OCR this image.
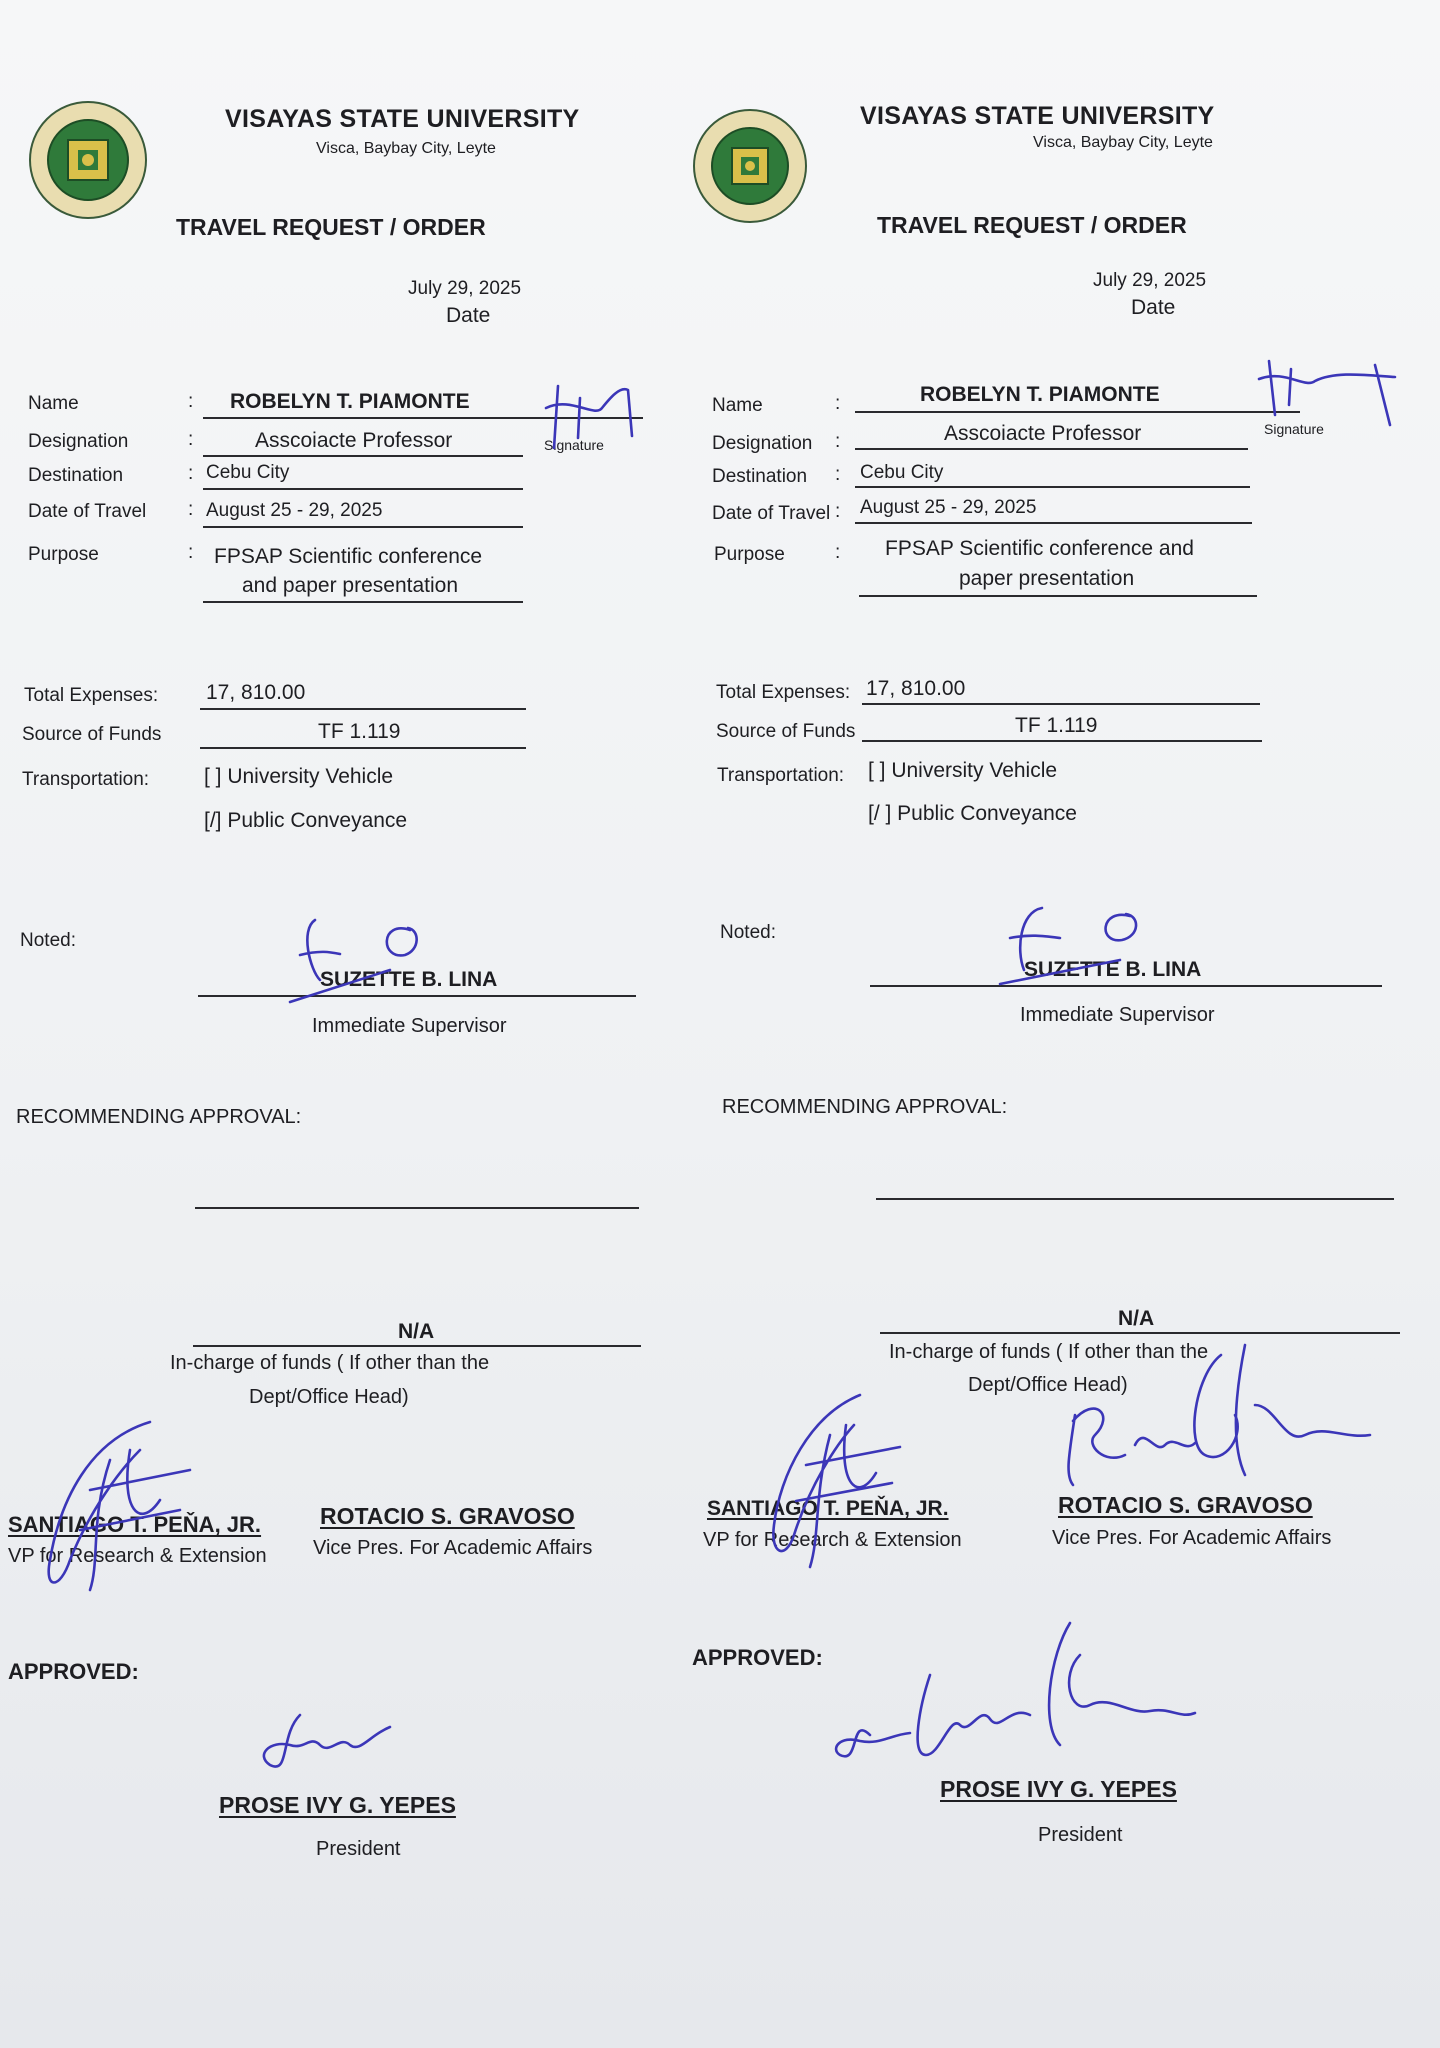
VISAYAS STATE UNIVERSITY
Visca, Baybay City, Leyte
TRAVEL REQUEST / ORDER
July 29, 2025
Date
Name	: ROBELYN T. PIAMONTE
Designation	:	Asscoiacte Professor	Signature
Destination	: Cebu City
Date of Travel : August 25 - 29, 2025
Purpose	: FPSAP Scientific conference
and paper presentation
Total Expenses: 17, 810.00
Source of Funds	TF 1.119
Transportation:	[ ] University Vehicle
[/] Public Conveyance
Noted:
SUZETTE B. LINA
Immediate Supervisor
RECOMMENDING APPROVAL:
N/A
In-charge of funds ( If other than the
Dept/Office Head)
SANTIAGO T. PEŇA, JR.
VP for Research & Extension
ROTACIO S. GRAVOSO
Vice Pres. For Academic Affairs
APPROVED:
PROSE IVY G. YEPES
President
VISAYAS STATE UNIVERSITY
Visca, Baybay City, Leyte
TRAVEL REQUEST / ORDER
July 29, 2025
Date
Name	:	ROBELYN T. PIAMONTE
Designation :	Asscoiacte Professor	Signature
Destination : Cebu City
Date of Travel : August 25 - 29, 2025
Purpose	: FPSAP Scientific conference and
paper presentation
Total Expenses: 17, 810.00
Source of Funds	TF 1.119
Transportation: [ ] University Vehicle
[/ ] Public Conveyance
Noted:
SUZETTE B. LINA
Immediate Supervisor
RECOMMENDING APPROVAL:
N/A
In-charge of funds ( If other than the
Dept/Office Head)
SANTIAGO T. PEŇA, JR.
VP for Research & Extension
ROTACIO S. GRAVOSO
Vice Pres. For Academic Affairs
APPROVED:
PROSE IVY G. YEPES
President
